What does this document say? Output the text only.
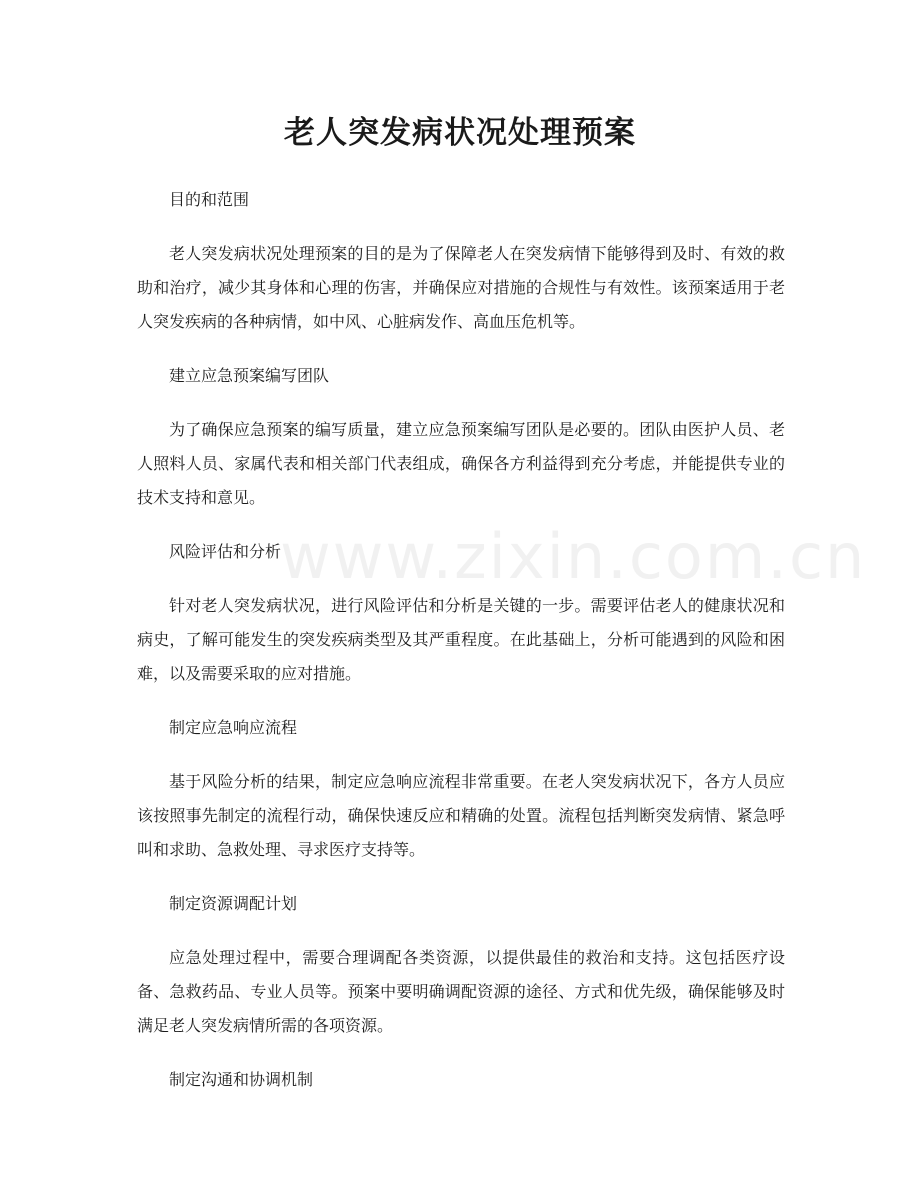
www.zixin.com.cn
老人突发病状况处理预案
目的和范围

老人突发病状况处理预案的目的是为了保障老人在突发病情下能够得到及时、有效的救助和治疗，减少其身体和心理的伤害，并确保应对措施的合规性与有效性。该预案适用于老人突发疾病的各种病情，如中风、心脏病发作、高血压危机等。

建立应急预案编写团队

为了确保应急预案的编写质量，建立应急预案编写团队是必要的。团队由医护人员、老人照料人员、家属代表和相关部门代表组成，确保各方利益得到充分考虑，并能提供专业的技术支持和意见。

风险评估和分析

针对老人突发病状况，进行风险评估和分析是关键的一步。需要评估老人的健康状况和病史，了解可能发生的突发疾病类型及其严重程度。在此基础上，分析可能遇到的风险和困难，以及需要采取的应对措施。

制定应急响应流程

基于风险分析的结果，制定应急响应流程非常重要。在老人突发病状况下，各方人员应该按照事先制定的流程行动，确保快速反应和精确的处置。流程包括判断突发病情、紧急呼叫和求助、急救处理、寻求医疗支持等。

制定资源调配计划

应急处理过程中，需要合理调配各类资源，以提供最佳的救治和支持。这包括医疗设备、急救药品、专业人员等。预案中要明确调配资源的途径、方式和优先级，确保能够及时满足老人突发病情所需的各项资源。

制定沟通和协调机制
